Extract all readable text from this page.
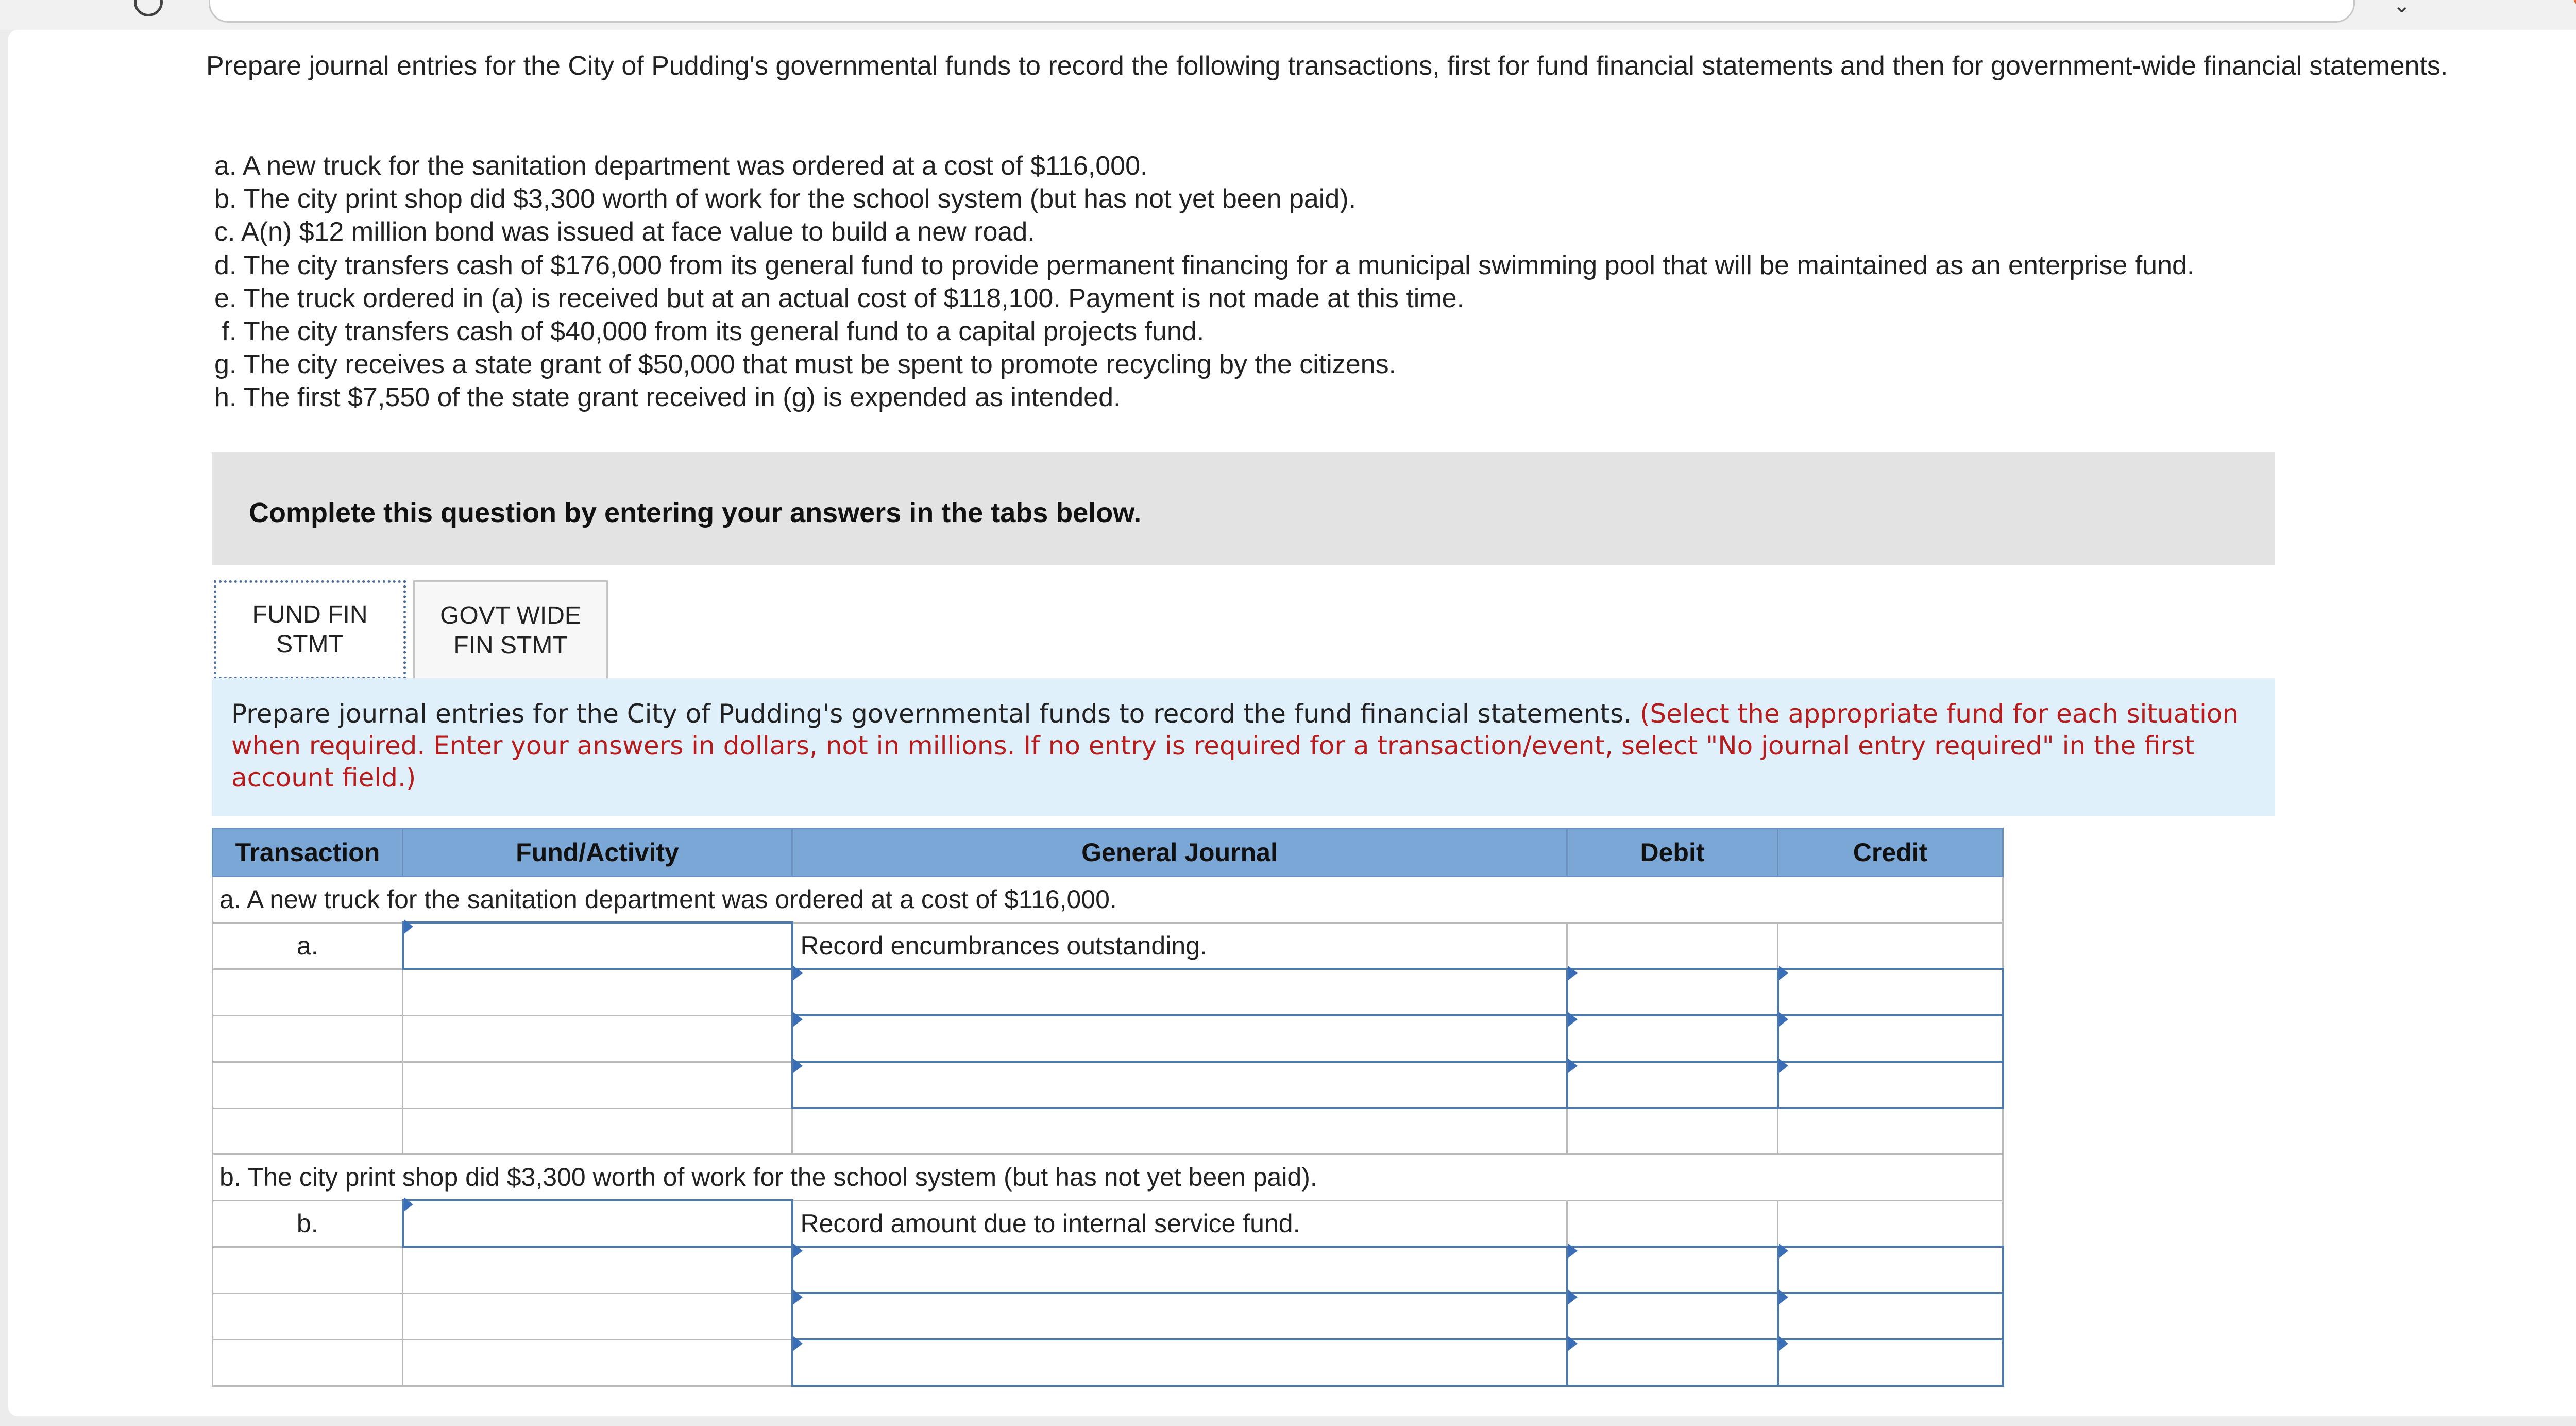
⌄
Prepare journal entries for the City of Pudding's governmental funds to record the following transactions, first for fund financial statements and then for government-wide financial statements.
a. A new truck for the sanitation department was ordered at a cost of $116,000.
b. The city print shop did $3,300 worth of work for the school system (but has not yet been paid).
c. A(n) $12 million bond was issued at face value to build a new road.
d. The city transfers cash of $176,000 from its general fund to provide permanent financing for a municipal swimming pool that will be maintained as an enterprise fund.
e. The truck ordered in (a) is received but at an actual cost of $118,100. Payment is not made at this time.
f. The city transfers cash of $40,000 from its general fund to a capital projects fund.
g. The city receives a state grant of $50,000 that must be spent to promote recycling by the citizens.
h. The first $7,550 of the state grant received in (g) is expended as intended.
Complete this question by entering your answers in the tabs below.
FUND FIN
STMT
GOVT WIDE
FIN STMT

Prepare journal entries for the City of Pudding's governmental funds to record the fund financial statements. (Select the appropriate fund for each situation when required. Enter your answers in dollars, not in millions. If no entry is required for a transaction/event, select "No journal entry required" in the first account field.)

Transaction	Fund/Activity	General Journal	Debit	Credit
a. A new truck for the sanitation department was ordered at a cost of $116,000.				
a.		Record encumbrances outstanding.		

b. The city print shop did $3,300 worth of work for the school system (but has not yet been paid).				
b.		Record amount due to internal service fund.		
